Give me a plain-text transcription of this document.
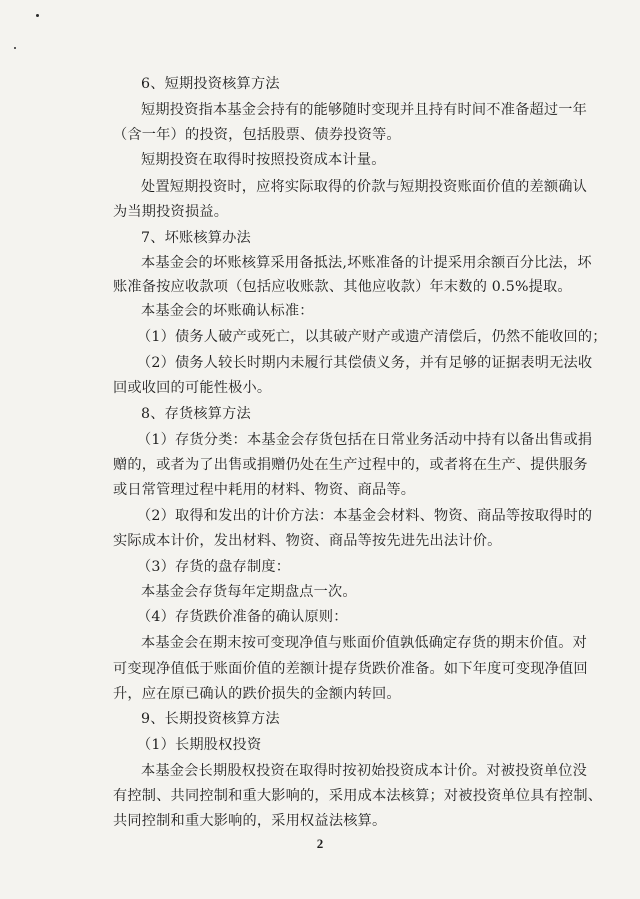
6、短期投资核算方法
短期投资指本基金会持有的能够随时变现并且持有时间不准备超过一年
（含一年）的投资，包括股票、债券投资等。
短期投资在取得时按照投资成本计量。
处置短期投资时，应将实际取得的价款与短期投资账面价值的差额确认
为当期投资损益。
7、坏账核算办法
本基金会的坏账核算采用备抵法,坏账准备的计提采用余额百分比法，坏
账准备按应收款项（包括应收账款、其他应收款）年末数的 0.5%提取。
本基金会的坏账确认标准：
（1）债务人破产或死亡，以其破产财产或遗产清偿后，仍然不能收回的；
（2）债务人较长时期内未履行其偿债义务，并有足够的证据表明无法收
回或收回的可能性极小。
8、存货核算方法
（1）存货分类：本基金会存货包括在日常业务活动中持有以备出售或捐
赠的，或者为了出售或捐赠仍处在生产过程中的，或者将在生产、提供服务
或日常管理过程中耗用的材料、物资、商品等。
（2）取得和发出的计价方法：本基金会材料、物资、商品等按取得时的
实际成本计价，发出材料、物资、商品等按先进先出法计价。
（3）存货的盘存制度：
本基金会存货每年定期盘点一次。
（4）存货跌价准备的确认原则：
本基金会在期末按可变现净值与账面价值孰低确定存货的期末价值。对
可变现净值低于账面价值的差额计提存货跌价准备。如下年度可变现净值回
升，应在原已确认的跌价损失的金额内转回。
9、长期投资核算方法
（1）长期股权投资
本基金会长期股权投资在取得时按初始投资成本计价。对被投资单位没
有控制、共同控制和重大影响的，采用成本法核算；对被投资单位具有控制、
共同控制和重大影响的，采用权益法核算。
2
